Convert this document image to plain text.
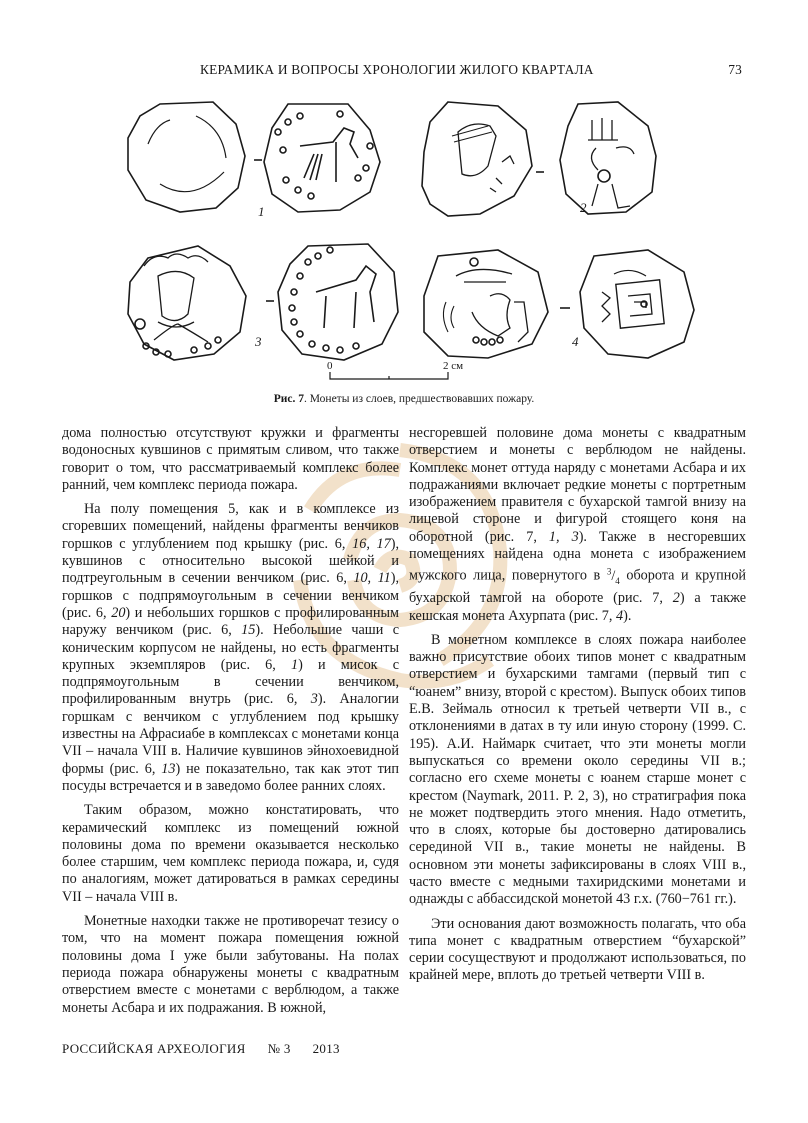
КЕРАМИКА И ВОПРОСЫ ХРОНОЛОГИИ ЖИЛОГО КВАРТАЛА	73
1	2
3	4
0	2 см
Рис. 7. Монеты из слоев, предшествовавших пожару.

дома полностью отсутствуют кружки и фрагменты водоносных кувшинов с примятым сливом, что также говорит о том, что рассматриваемый комплекс более ранний, чем комплекс периода пожара.

На полу помещения 5, как и в комплексе из сгоревших помещений, найдены фрагменты венчиков горшков с углублением под крышку (рис. 6, 16, 17), кувшинов с относительно высокой шейкой и подтреугольным в сечении венчиком (рис. 6, 10, 11), горшков с подпрямоугольным в сечении венчиком (рис. 6, 20) и небольших горшков с профилированным наружу венчиком (рис. 6, 15). Небольшие чаши с коническим корпусом не найдены, но есть фрагменты крупных экземпляров (рис. 6, 1) и мисок с подпрямоугольным в сечении венчиком, профилированным внутрь (рис. 6, 3). Аналогии горшкам с венчиком с углублением под крышку известны на Афрасиабе в комплексах с монетами конца VII – начала VIII в. Наличие кувшинов эйнохоевидной формы (рис. 6, 13) не показательно, так как этот тип посуды встречается и в заведомо более ранних слоях.

Таким образом, можно констатировать, что керамический комплекс из помещений южной половины дома по времени оказывается несколько более старшим, чем комплекс периода пожара, и, судя по аналогиям, может датироваться в рамках середины VII – начала VIII в.

Монетные находки также не противоречат тезису о том, что на момент пожара помещения южной половины дома I уже были забутованы. На полах периода пожара обнаружены монеты с квадратным отверстием вместе с монетами с верблюдом, а также монеты Асбара и их подражания. В южной,

несгоревшей половине дома монеты с квадратным отверстием и монеты с верблюдом не найдены. Комплекс монет оттуда наряду с монетами Асбара и их подражаниями включает редкие монеты с портретным изображением правителя с бухарской тамгой внизу на лицевой стороне и фигурой стоящего коня на оборотной (рис. 7, 1, 3). Также в несгоревших помещениях найдена одна монета с изображением мужского лица, повернутого в $^3/_4$ оборота и крупной бухарской тамгой на обороте (рис. 7, 2) а также кешская монета Ахурпата (рис. 7, 4).

В монетном комплексе в слоях пожара наиболее важно присутствие обоих типов монет с квадратным отверстием и бухарскими тамгами (первый тип с “юанем” внизу, второй с крестом). Выпуск обоих типов Е.В. Зеймаль относил к третьей четверти VII в., с отклонениями в датах в ту или иную сторону (1999. С. 195). А.И. Наймарк считает, что эти монеты могли выпускаться со времени около середины VII в.; согласно его схеме монеты с юанем старше монет с крестом (Naymark, 2011. P. 2, 3), но стратиграфия пока не может подтвердить этого мнения. Надо отметить, что в слоях, которые бы достоверно датировались серединой VII в., такие монеты не найдены. В основном эти монеты зафиксированы в слоях VIII в., часто вместе с медными тахиридскими монетами и однажды с аббассидской монетой 43 г.х. (760−761 гг.).

Эти основания дают возможность полагать, что оба типа монет с квадратным отверстием “бухарской” серии сосуществуют и продолжают использоваться, по крайней мере, вплоть до третьей четверти VIII в.

РОССИЙСКАЯ АРХЕОЛОГИЯ № 3 2013
